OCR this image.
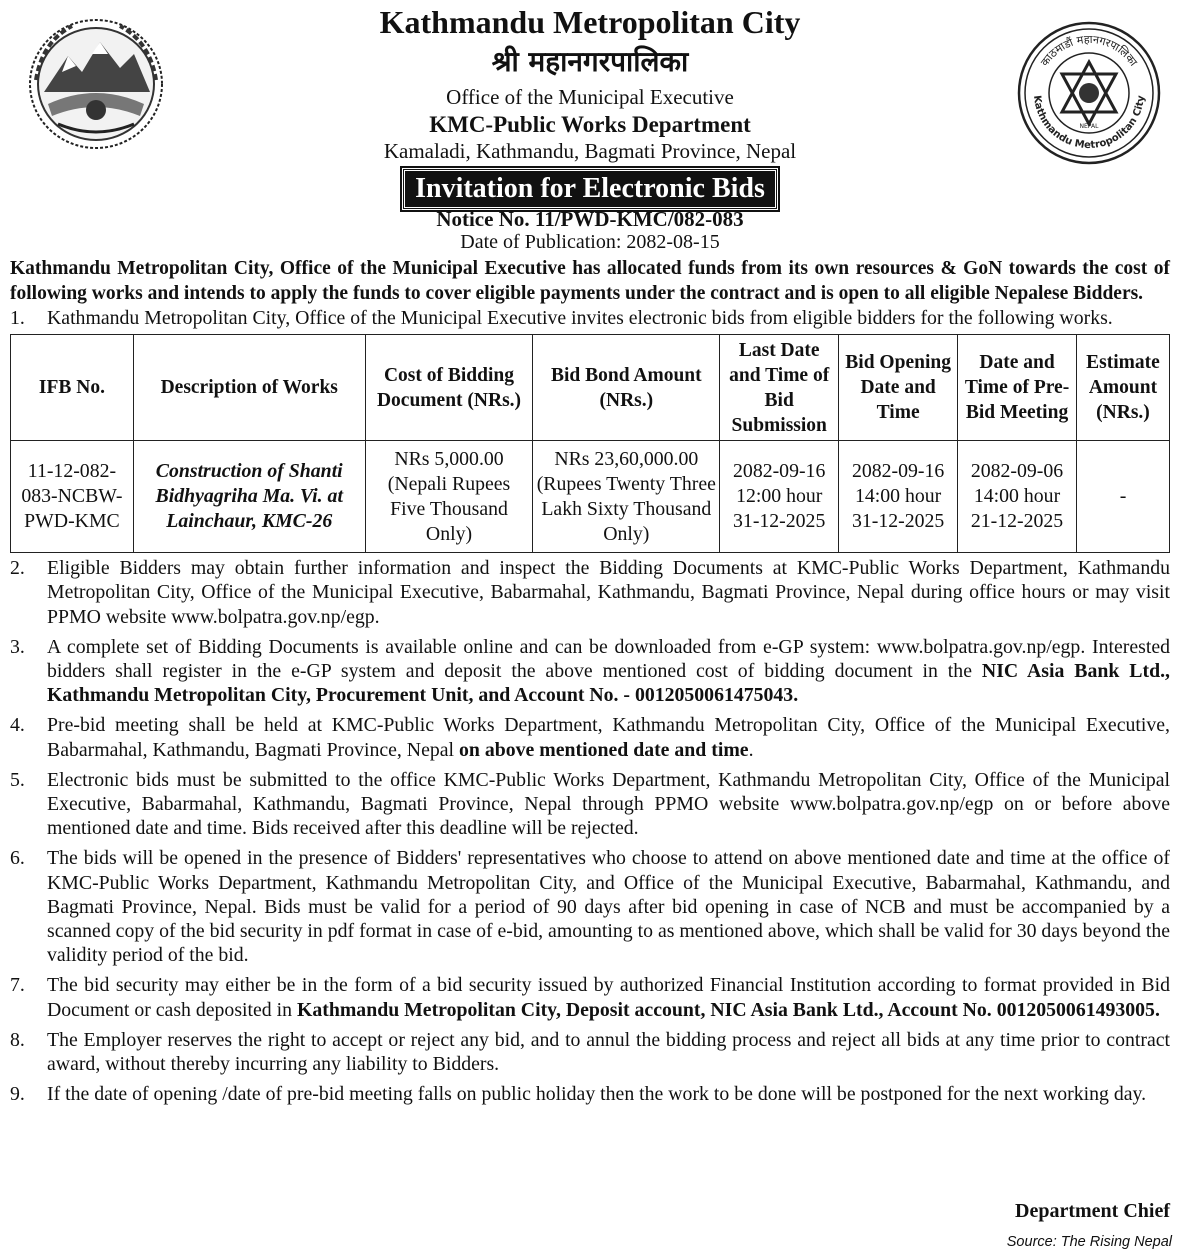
Kathmandu Metropolitan City
श्री महानगरपालिका
Office of the Municipal Executive
KMC-Public Works Department
Kamaladi, Kathmandu, Bagmati Province, Nepal
Invitation for Electronic Bids
Notice No. 11/PWD-KMC/082-083
Date of Publication: 2082-08-15
काठमाडौं महानगरपालिका
Kathmandu Metropolitan City
NEPAL

Kathmandu Metropolitan City, Office of the Municipal Executive has allocated funds from its own resources & GoN towards the cost of following works and intends to apply the funds to cover eligible payments under the contract and is open to all eligible Nepalese Bidders.

1.	Kathmandu Metropolitan City, Office of the Municipal Executive invites electronic bids from eligible bidders for the following works.
IFB No.	Description of Works	Cost of Bidding Document (NRs.)	Bid Bond Amount (NRs.)	Last Date and Time of Bid Submission	Bid Opening Date and Time	Date and Time of Pre-Bid Meeting	Estimate Amount (NRs.)
11-12-082-083-NCBW-PWD-KMC	Construction of Shanti Bidhyagriha Ma. Vi. at Lainchaur, KMC-26	NRs 5,000.00 (Nepali Rupees Five Thousand Only)	NRs 23,60,000.00 (Rupees Twenty Three Lakh Sixty Thousand Only)	2082-09-16 12:00 hour 31-12-2025	2082-09-16 14:00 hour 31-12-2025	2082-09-06 14:00 hour 21-12-2025	-
2.	Eligible Bidders may obtain further information and inspect the Bidding Documents at KMC-Public Works Department, Kathmandu Metropolitan City, Office of the Municipal Executive, Babarmahal, Kathmandu, Bagmati Province, Nepal during office hours or may visit PPMO website www.bolpatra.gov.np/egp.
3.	A complete set of Bidding Documents is available online and can be downloaded from e-GP system: www.bolpatra.gov.np/egp. Interested bidders shall register in the e-GP system and deposit the above mentioned cost of bidding document in the NIC Asia Bank Ltd., Kathmandu Metropolitan City, Procurement Unit, and Account No. - 0012050061475043.
4.	Pre-bid meeting shall be held at KMC-Public Works Department, Kathmandu Metropolitan City, Office of the Municipal Executive, Babarmahal, Kathmandu, Bagmati Province, Nepal on above mentioned date and time.
5.	Electronic bids must be submitted to the office KMC-Public Works Department, Kathmandu Metropolitan City, Office of the Municipal Executive, Babarmahal, Kathmandu, Bagmati Province, Nepal through PPMO website www.bolpatra.gov.np/egp on or before above mentioned date and time. Bids received after this deadline will be rejected.
6.	The bids will be opened in the presence of Bidders' representatives who choose to attend on above mentioned date and time at the office of KMC-Public Works Department, Kathmandu Metropolitan City, and Office of the Municipal Executive, Babarmahal, Kathmandu, and Bagmati Province, Nepal. Bids must be valid for a period of 90 days after bid opening in case of NCB and must be accompanied by a scanned copy of the bid security in pdf format in case of e-bid, amounting to as mentioned above, which shall be valid for 30 days beyond the validity period of the bid.
7.	The bid security may either be in the form of a bid security issued by authorized Financial Institution according to format provided in Bid Document or cash deposited in Kathmandu Metropolitan City, Deposit account, NIC Asia Bank Ltd., Account No. 0012050061493005.
8.	The Employer reserves the right to accept or reject any bid, and to annul the bidding process and reject all bids at any time prior to contract award, without thereby incurring any liability to Bidders.
9.	If the date of opening /date of pre-bid meeting falls on public holiday then the work to be done will be postponed for the next working day.
Department Chief
Source: The Rising Nepal
